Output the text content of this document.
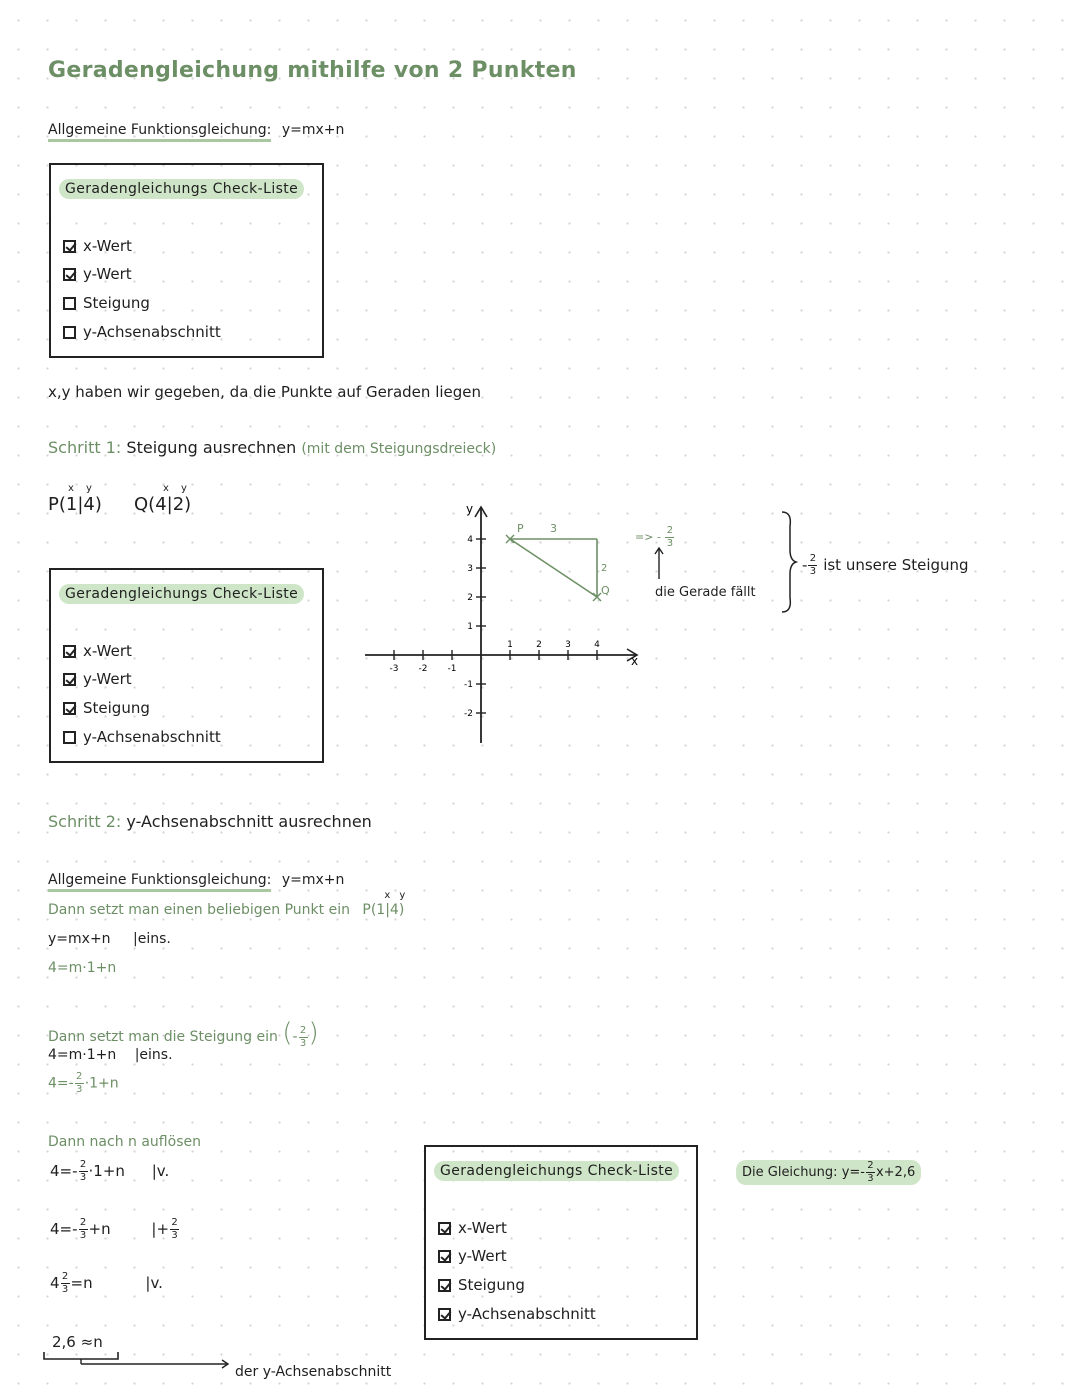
Geradengleichung mithilfe von 2 Punkten
Allgemeine Funktionsgleichung: y=mx+n
Geradengleichungs Check-Liste
x-Wert
y-Wert
Steigung
y-Achsenabschnitt
x,y haben wir gegeben, da die Punkte auf Geraden liegen
Schritt 1: Steigung ausrechnen (mit dem Steigungsdreieck)
x y
P(1|4)
x y
Q(4|2)
Geradengleichungs Check-Liste
x-Wert
y-Wert
Steigung
y-Achsenabschnitt
x
y
-3 -2 -1
1	2	3	4
4
3
2
1
-1
-2
P 3
2
Q
=> - $\frac{2}{3}$
die Gerade fällt
- $\frac{2}{3}$ ist unsere Steigung
Schritt 2: y-Achsenabschnitt ausrechnen
Allgemeine Funktionsgleichung: y=mx+n
Dann setzt man einen beliebigen Punkt ein
x y
P(1|4)
y=mx+n |eins.
4=m·1+n
Dann setzt man die Steigung ein (- $\frac{2}{3}$ )
4=m·1+n |eins.
$4=- \frac{2}{3} \cdot 1+n$
Dann nach n auflösen
$4=- \frac{2}{3} \cdot 1+n$ |v.
$4=- \frac{2}{3} +n$	|+ $\frac{2}{3}$
$4 \frac{2}{3} =n$	|v.
2,6 ≈n
der y-Achsenabschnitt
Geradengleichungs Check-Liste
x-Wert
y-Wert
Steigung
y-Achsenabschnitt
Die Gleichung: $y=- \frac{2}{3} x+2,6$
